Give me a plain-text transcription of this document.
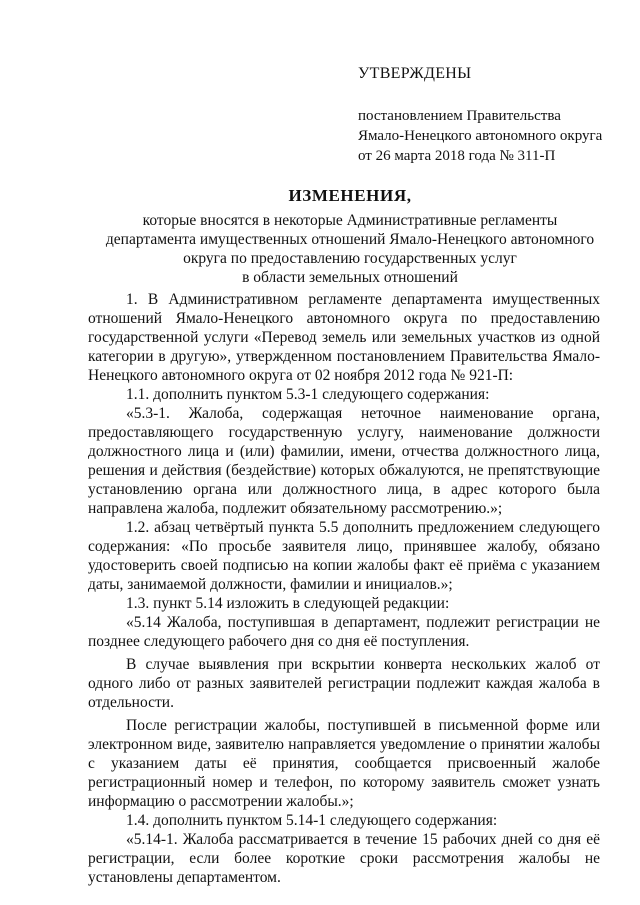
УТВЕРЖДЕНЫ
постановлением Правительства
Ямало-Ненецкого автономного округа
от 26 марта 2018 года № 311-П
ИЗМЕНЕНИЯ,
которые вносятся в некоторые Административные регламенты
департамента имущественных отношений Ямало-Ненецкого автономного
округа по предоставлению государственных услуг
в области земельных отношений

1. В Административном регламенте департамента имущественных отношений Ямало-Ненецкого автономного округа по предоставлению государственной услуги «Перевод земель или земельных участков из одной категории в другую», утвержденном постановлением Правительства Ямало-Ненецкого автономного округа от 02 ноября 2012 года № 921-П:

1.1. дополнить пунктом 5.3-1 следующего содержания:

«5.3-1. Жалоба, содержащая неточное наименование органа, предоставляющего государственную услугу, наименование должности должностного лица и (или) фамилии, имени, отчества должностного лица, решения и действия (бездействие) которых обжалуются, не препятствующие установлению органа или должностного лица, в адрес которого была направлена жалоба, подлежит обязательному рассмотрению.»;

1.2. абзац четвёртый пункта 5.5 дополнить предложением следующего содержания: «По просьбе заявителя лицо, принявшее жалобу, обязано удостоверить своей подписью на копии жалобы факт её приёма с указанием даты, занимаемой должности, фамилии и инициалов.»;

1.3. пункт 5.14 изложить в следующей редакции:

«5.14 Жалоба, поступившая в департамент, подлежит регистрации не позднее следующего рабочего дня со дня её поступления.

В случае выявления при вскрытии конверта нескольких жалоб от одного либо от разных заявителей регистрации подлежит каждая жалоба в отдельности.

После регистрации жалобы, поступившей в письменной форме или электронном виде, заявителю направляется уведомление о принятии жалобы с указанием даты её принятия, сообщается присвоенный жалобе регистрационный номер и телефон, по которому заявитель сможет узнать информацию о рассмотрении жалобы.»;

1.4. дополнить пунктом 5.14-1 следующего содержания:

«5.14-1. Жалоба рассматривается в течение 15 рабочих дней со дня её регистрации, если более короткие сроки рассмотрения жалобы не установлены департаментом.
